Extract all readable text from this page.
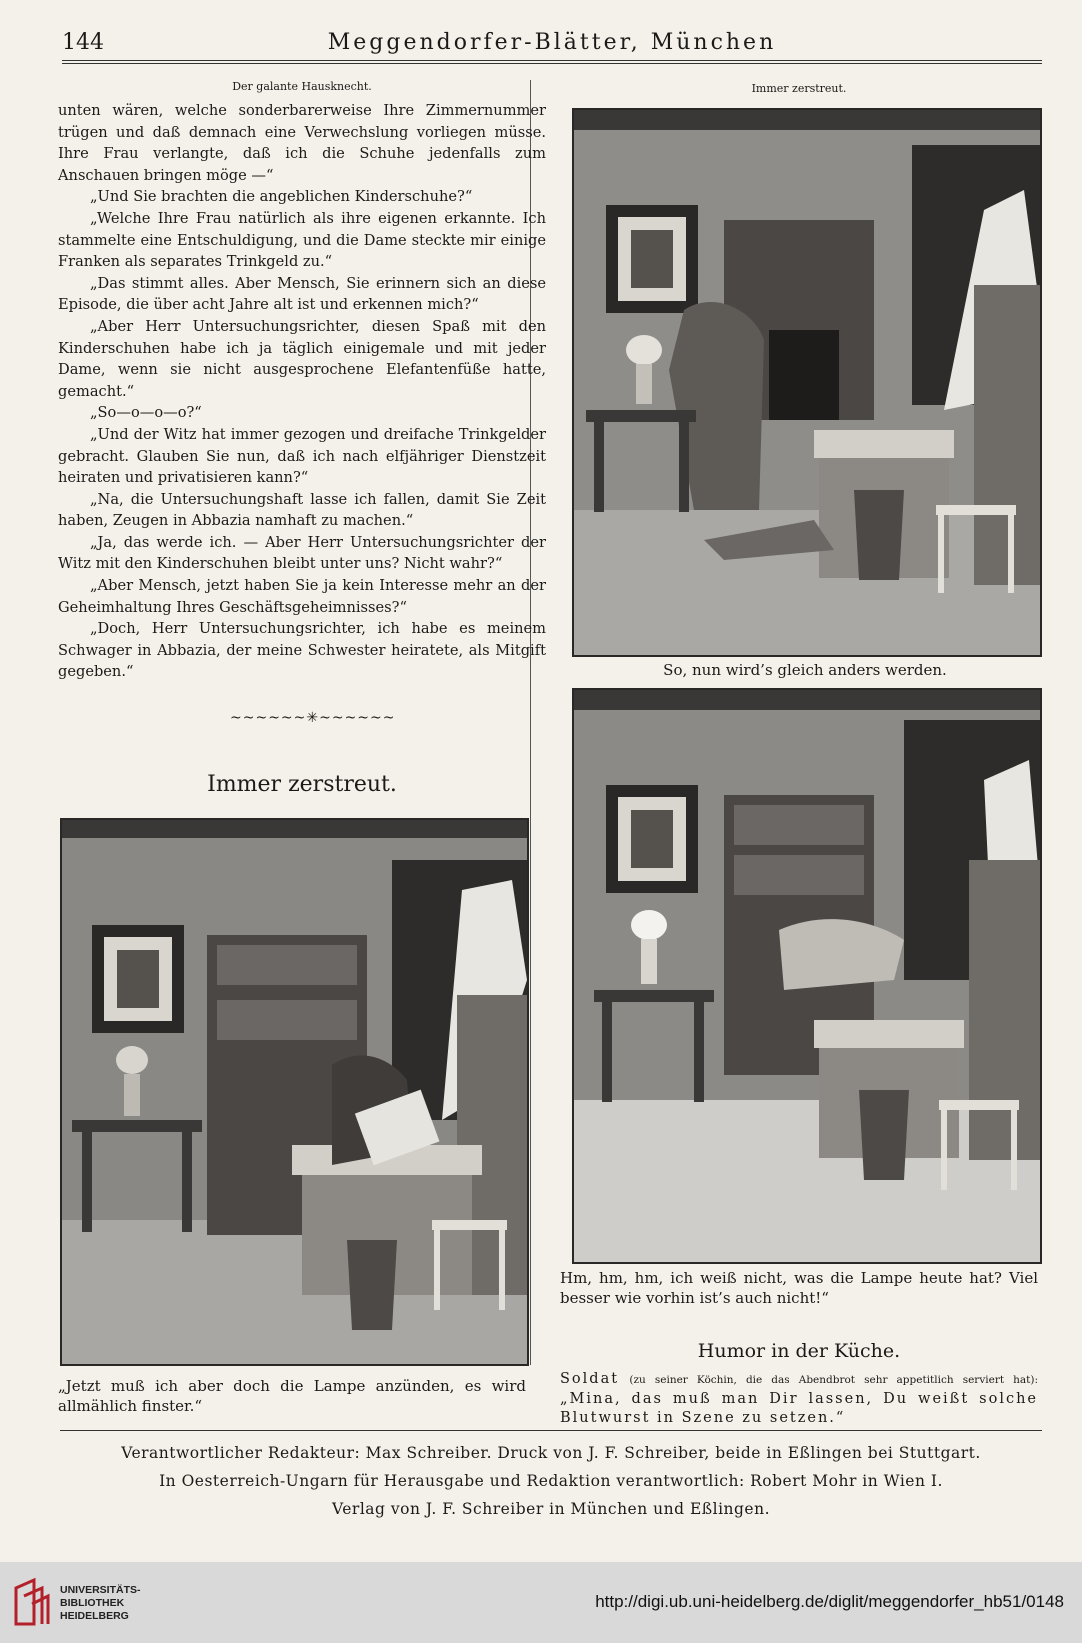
144	Meggendorfer-Blätter, München
Der galante Hausknecht.	Immer zerstreut.

unten wären, welche sonderbarerweise Ihre Zimmernummer trügen und daß demnach eine Verwechslung vorliegen müsse. Ihre Frau verlangte, daß ich die Schuhe jedenfalls zum Anschauen bringen möge —“

„Und Sie brachten die angeblichen Kinderschuhe?“

„Welche Ihre Frau natürlich als ihre eigenen erkannte. Ich stammelte eine Entschuldigung, und die Dame steckte mir einige Franken als separates Trinkgeld zu.“

„Das stimmt alles. Aber Mensch, Sie erinnern sich an diese Episode, die über acht Jahre alt ist und erkennen mich?“

„Aber Herr Untersuchungsrichter, diesen Spaß mit den Kinderschuhen habe ich ja täglich einigemale und mit jeder Dame, wenn sie nicht ausgesprochene Elefantenfüße hatte, gemacht.“

„So—o—o—o?“

„Und der Witz hat immer gezogen und dreifache Trinkgelder gebracht. Glauben Sie nun, daß ich nach elfjähriger Dienstzeit heiraten und privatisieren kann?“

„Na, die Untersuchungshaft lasse ich fallen, damit Sie Zeit haben, Zeugen in Abbazia namhaft zu machen.“

„Ja, das werde ich. — Aber Herr Untersuchungsrichter der Witz mit den Kinderschuhen bleibt unter uns? Nicht wahr?“

„Aber Mensch, jetzt haben Sie ja kein Interesse mehr an der Geheimhaltung Ihres Geschäftsgeheimnisses?“

„Doch, Herr Untersuchungsrichter, ich habe es meinem Schwager in Abbazia, der meine Schwester heiratete, als Mitgift gegeben.“

~~~~~~✳~~~~~~
Immer zerstreut.
„Jetzt muß ich aber doch die Lampe anzünden, es wird allmählich finster.“
So, nun wird’s gleich anders werden.
Hm, hm, hm, ich weiß nicht, was die Lampe heute hat? Viel besser wie vorhin ist’s auch nicht!“
Humor in der Küche.
Soldat (zu seiner Köchin, die das Abendbrot sehr appetitlich serviert hat): „Mina, das muß man Dir lassen, Du weißt solche Blutwurst in Szene zu setzen.“
Verantwortlicher Redakteur: Max Schreiber. Druck von J. F. Schreiber, beide in Eßlingen bei Stuttgart.
In Oesterreich-Ungarn für Herausgabe und Redaktion verantwortlich: Robert Mohr in Wien I.
Verlag von J. F. Schreiber in München und Eßlingen.
UNIVERSITÄTS-
BIBLIOTHEK
HEIDELBERG
http://digi.ub.uni-heidelberg.de/diglit/meggendorfer_hb51/0148
